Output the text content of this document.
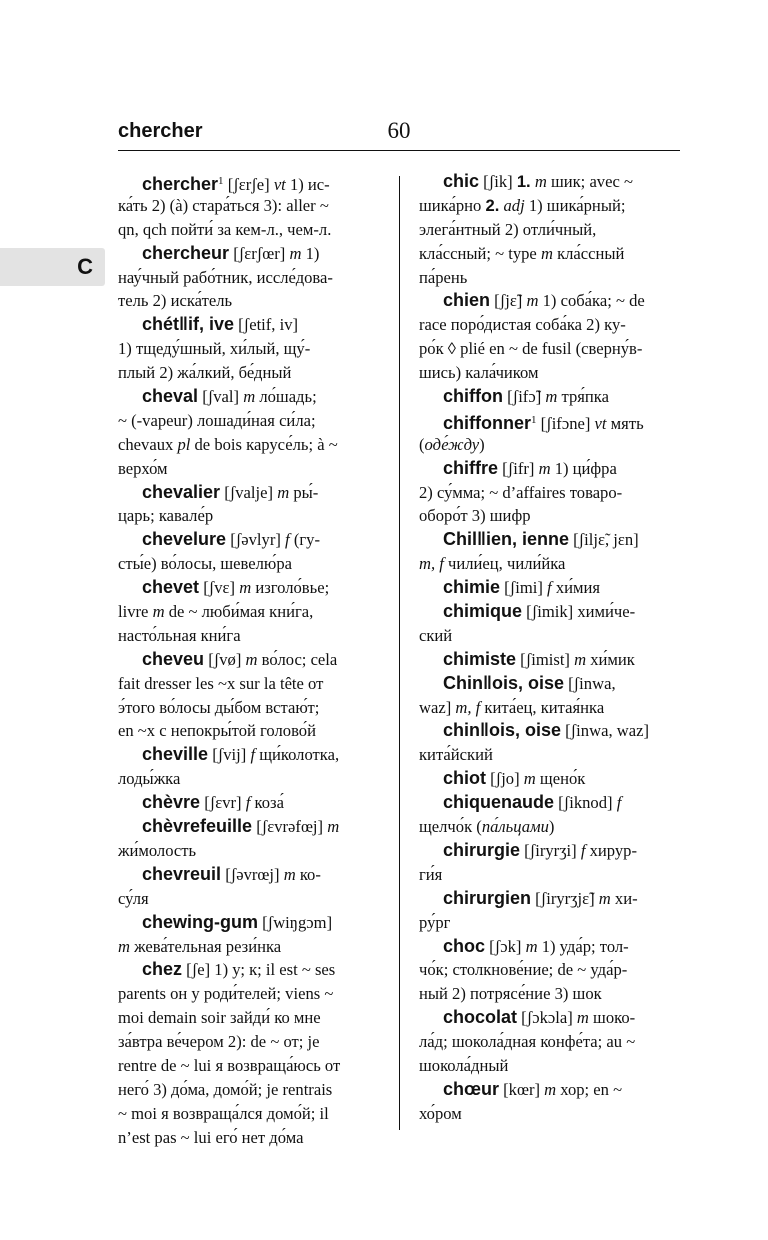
chercher	60
C
chercher$^1$ [ʃɛrʃe] vt 1) ис-
ка́ть 2) (à) стара́ться 3): aller ~
qn, qch пойти́ за кем-л., чем-л.
chercheur [ʃɛrʃœr] m 1)
нау́чный рабо́тник, иссле́дова-
тель 2) иска́тель
chét‖if, ive [ʃetif, iv]
1) тщеду́шный, хи́лый, щу́-
плый 2) жа́лкий, бе́дный
cheval [ʃval] m ло́шадь;
~ (-vapeur) лошади́ная си́ла;
chevaux pl de bois карусе́ль; à ~
верхо́м
chevalier [ʃvalje] m ры́-
царь; кавале́р
chevelure [ʃəvlyr] f (гу-
сты́е) во́лосы, шевелю́ра
chevet [ʃvɛ] m изголо́вье;
livre m de ~ люби́мая кни́га,
насто́льная кни́га
cheveu [ʃvø] m во́лос; cela
fait dresser les ~x sur la tête от
э́того во́лосы ды́бом встаю́т;
en ~x с непокры́той голово́й
cheville [ʃvij] f щи́колотка,
лоды́жка
chèvre [ʃɛvr] f коза́
chèvrefeuille [ʃɛvrəfœj] m
жи́молость
chevreuil [ʃəvrœj] m ко-
су́ля
chewing-gum [ʃwiŋgɔm]
m жева́тельная рези́нка
chez [ʃe] 1) у; к; il est ~ ses
parents он у роди́телей; viens ~
moi demain soir зайди́ ко мне
за́втра ве́чером 2): de ~ от; je
rentre de ~ lui я возвраща́юсь от
него́ 3) до́ма, домо́й; je rentrais
~ moi я возвраща́лся домо́й; il
n’est pas ~ lui его́ нет до́ма
chic [ʃik] 1. m шик; avec ~
шика́рно 2. adj 1) шика́рный;
элега́нтный 2) отли́чный,
кла́ссный; ~ type m кла́ссный
па́рень
chien [ʃjɛ̃] m 1) соба́ка; ~ de
race поро́дистая соба́ка 2) ку-
ро́к ◊ plié en ~ de fusil (сверну́в-
шись) кала́чиком
chiffon [ʃifɔ̃] m тря́пка
chiffonner$^1$ [ʃifɔne] vt мять
(оде́жду)
chiffre [ʃifr] m 1) ци́фра
2) су́мма; ~ d’affaires товаро-
оборо́т 3) шифр
Chil‖ien, ienne [ʃiljɛ̃, jɛn]
m, f чили́ец, чили́йка
chimie [ʃimi] f хи́мия
chimique [ʃimik] хими́че-
ский
chimiste [ʃimist] m хи́мик
Chin‖ois, oise [ʃinwa,
waz] m, f кита́ец, китая́нка
chin‖ois, oise [ʃinwa, waz]
кита́йский
chiot [ʃjo] m щено́к
chiquenaude [ʃiknod] f
щелчо́к (па́льцами)
chirurgie [ʃiryrʒi] f хирур-
ги́я
chirurgien [ʃiryrʒjɛ̃] m хи-
ру́рг
choc [ʃɔk] m 1) уда́р; тол-
чо́к; столкнове́ние; de ~ уда́р-
ный 2) потрясе́ние 3) шок
chocolat [ʃɔkɔla] m шоко-
ла́д; шокола́дная конфе́та; au ~
шокола́дный
chœur [kœr] m хор; en ~
хо́ром
